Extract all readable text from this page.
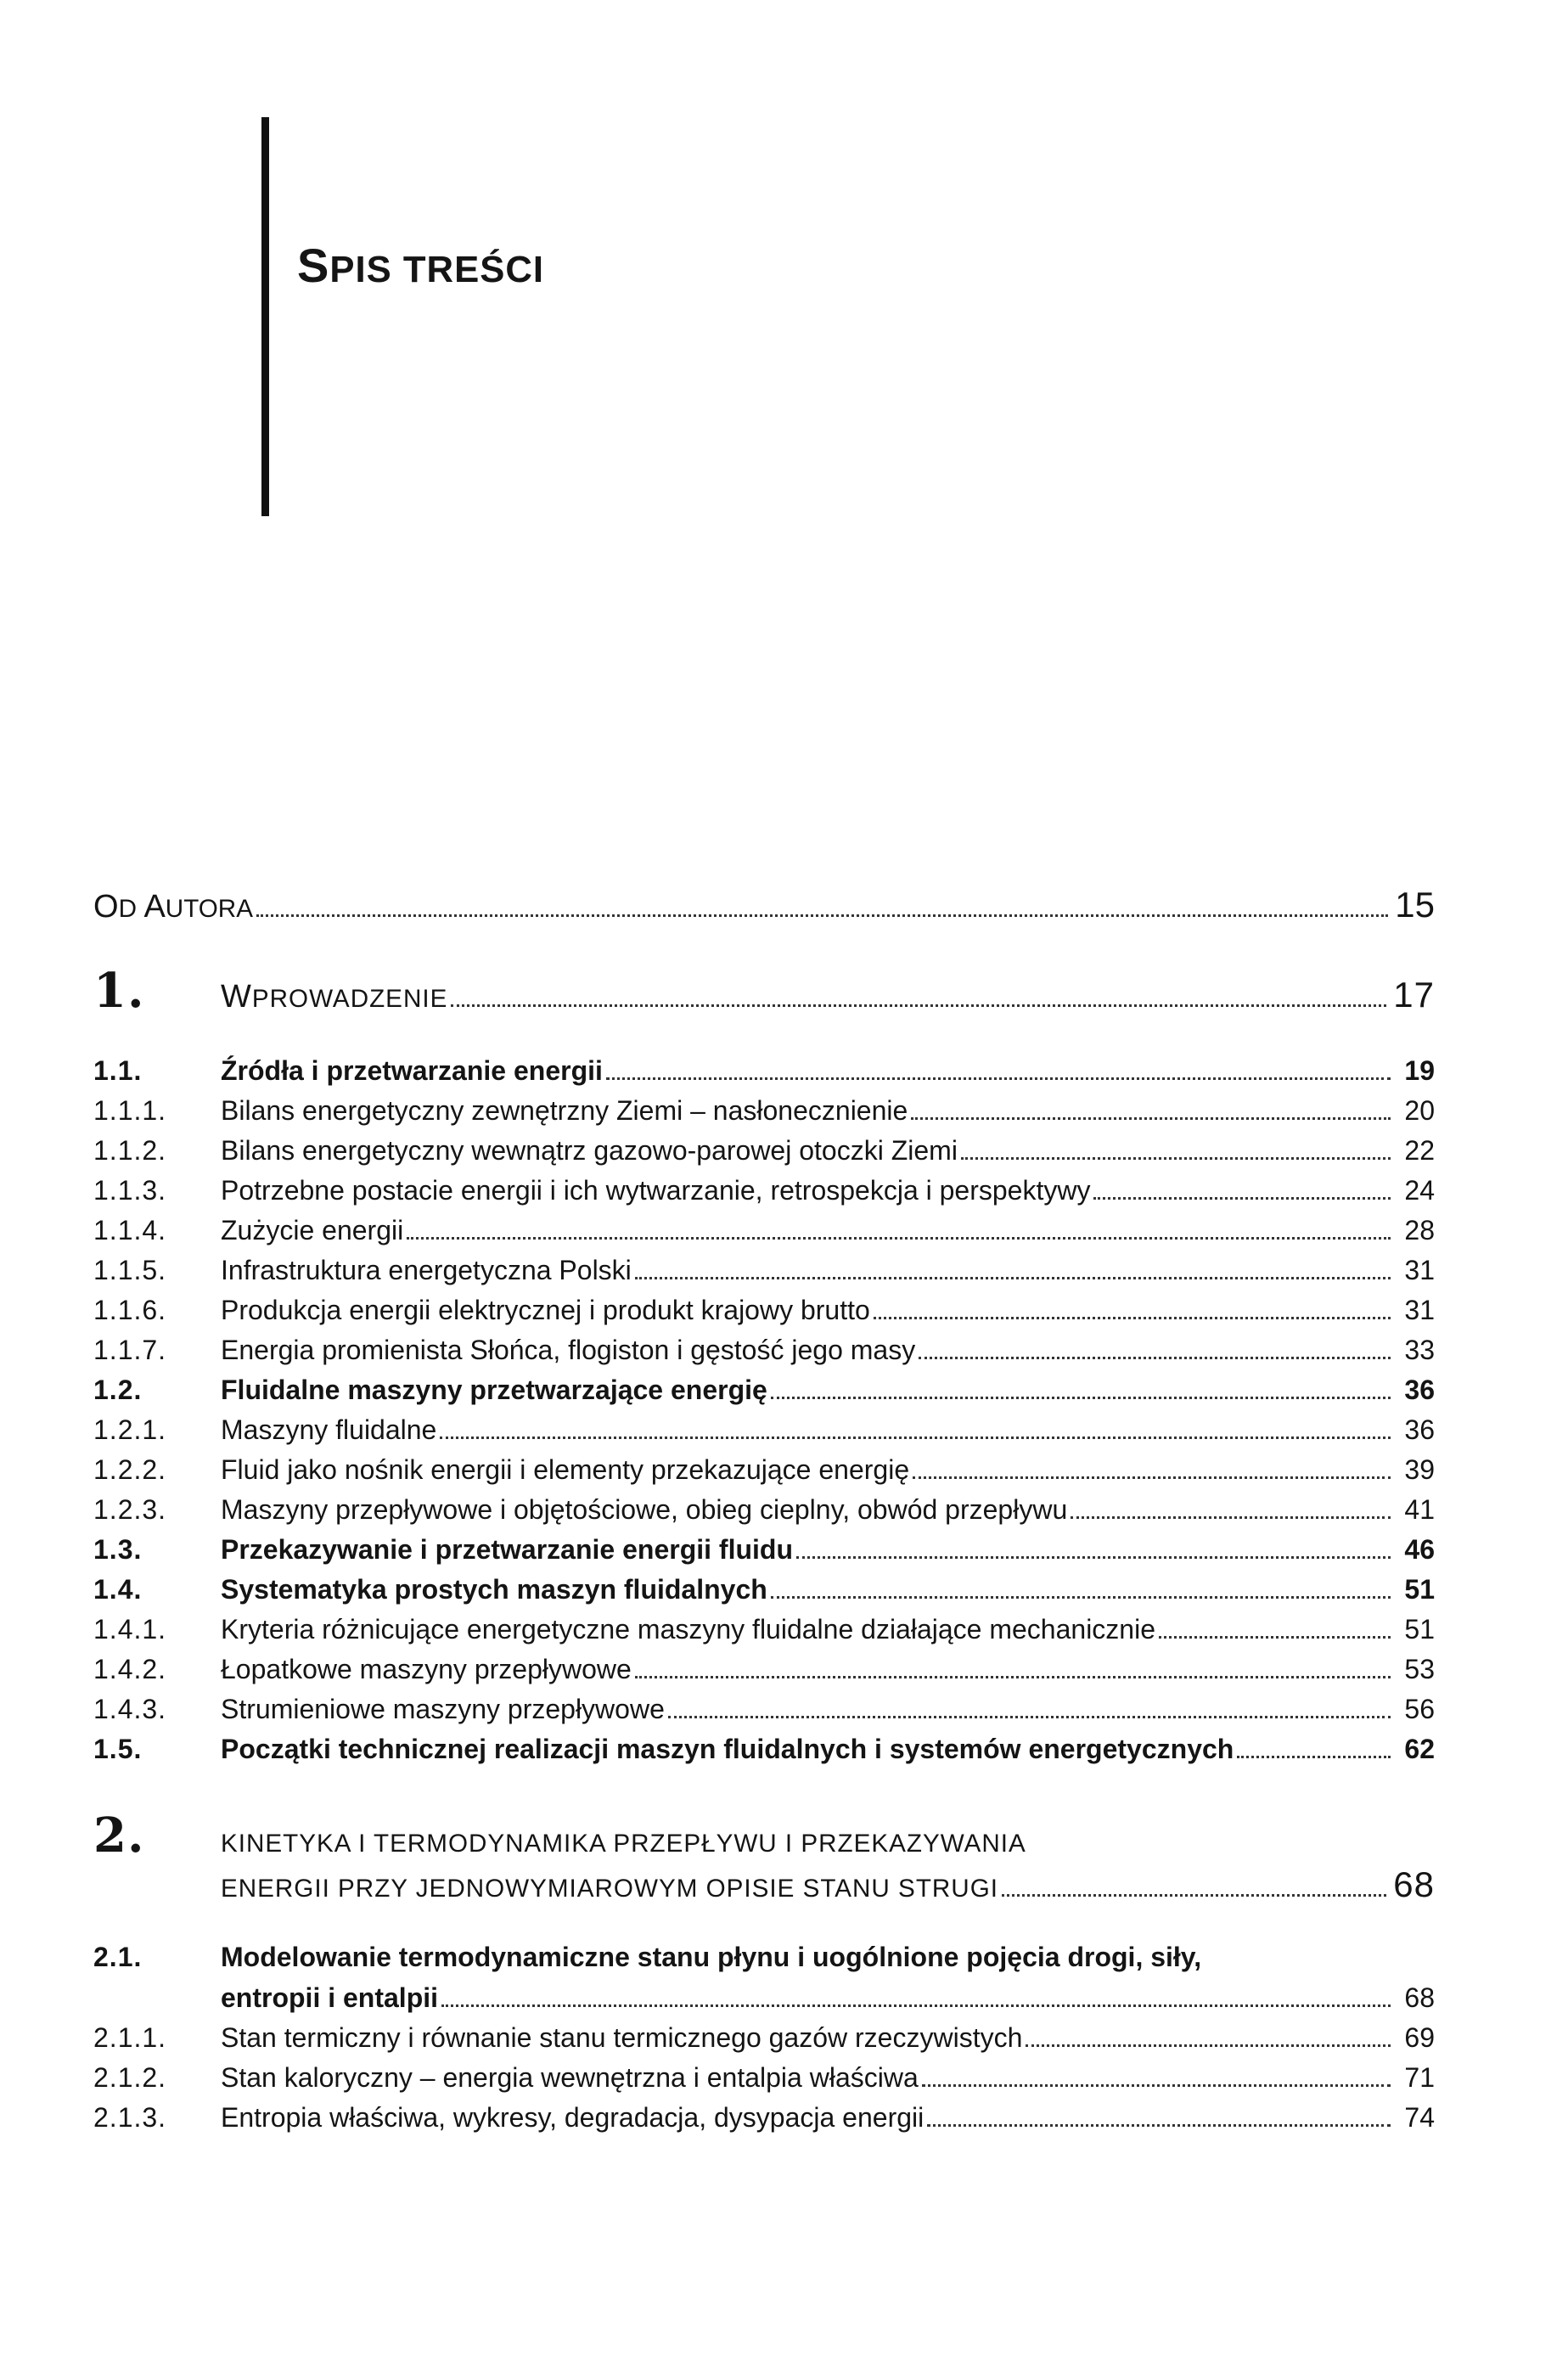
SPIS TREŚCI
OD AUTORA	15
1. WPROWADZENIE	17
1.1.	Źródła i przetwarzanie energii	19
1.1.1. Bilans energetyczny zewnętrzny Ziemi – nasłonecznienie	20
1.1.2. Bilans energetyczny wewnątrz gazowo-parowej otoczki Ziemi	22
1.1.3. Potrzebne postacie energii i ich wytwarzanie, retrospekcja i perspektywy	24
1.1.4. Zużycie energii	28
1.1.5. Infrastruktura energetyczna Polski	31
1.1.6. Produkcja energii elektrycznej i produkt krajowy brutto	31
1.1.7. Energia promienista Słońca, flogiston i gęstość jego masy	33
1.2.	Fluidalne maszyny przetwarzające energię	36
1.2.1. Maszyny fluidalne	36
1.2.2. Fluid jako nośnik energii i elementy przekazujące energię	39
1.2.3. Maszyny przepływowe i objętościowe, obieg cieplny, obwód przepływu	41
1.3.	Przekazywanie i przetwarzanie energii fluidu	46
1.4.	Systematyka prostych maszyn fluidalnych	51
1.4.1. Kryteria różnicujące energetyczne maszyny fluidalne działające mechanicznie	51
1.4.2. Łopatkowe maszyny przepływowe	53
1.4.3. Strumieniowe maszyny przepływowe	56
1.5.	Początki technicznej realizacji maszyn fluidalnych i systemów energetycznych	62
2.	KINETYKA I TERMODYNAMIKA PRZEPŁYWU I PRZEKAZYWANIA
ENERGII PRZY JEDNOWYMIAROWYM OPISIE STANU STRUGI	68
2.1.	Modelowanie termodynamiczne stanu płynu i uogólnione pojęcia drogi, siły,
entropii i entalpii	68
2.1.1. Stan termiczny i równanie stanu termicznego gazów rzeczywistych	69
2.1.2. Stan kaloryczny – energia wewnętrzna i entalpia właściwa	71
2.1.3. Entropia właściwa, wykresy, degradacja, dysypacja energii	74
